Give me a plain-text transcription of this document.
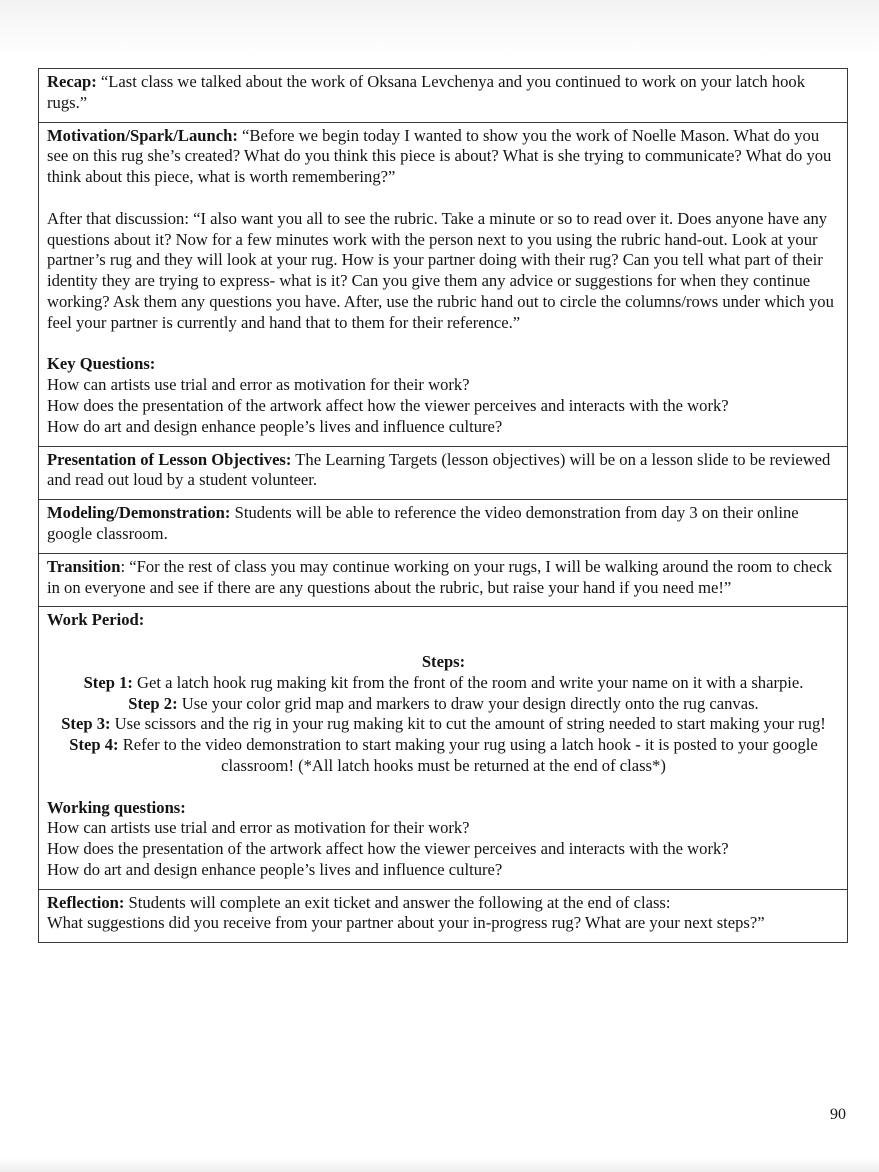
Recap: “Last class we talked about the work of Oksana Levchenya and you continued to work on your latch hook rugs.”

Motivation/Spark/Launch: “Before we begin today I wanted to show you the work of Noelle Mason. What do you see on this rug she’s created? What do you think this piece is about? What is she trying to communicate? What do you think about this piece, what is worth remembering?”

After that discussion: “I also want you all to see the rubric. Take a minute or so to read over it. Does anyone have any questions about it? Now for a few minutes work with the person next to you using the rubric hand-out. Look at your partner’s rug and they will look at your rug. How is your partner doing with their rug? Can you tell what part of their identity they are trying to express- what is it? Can you give them any advice or suggestions for when they continue working? Ask them any questions you have. After, use the rubric hand out to circle the columns/rows under which you feel your partner is currently and hand that to them for their reference.”

Key Questions:

How can artists use trial and error as motivation for their work?

How does the presentation of the artwork affect how the viewer perceives and interacts with the work?

How do art and design enhance people’s lives and influence culture?

Presentation of Lesson Objectives: The Learning Targets (lesson objectives) will be on a lesson slide to be reviewed and read out loud by a student volunteer.

Modeling/Demonstration: Students will be able to reference the video demonstration from day 3 on their online google classroom.

Transition: “For the rest of class you may continue working on your rugs, I will be walking around the room to check in on everyone and see if there are any questions about the rubric, but raise your hand if you need me!”

Work Period:

Steps:

Step 1: Get a latch hook rug making kit from the front of the room and write your name on it with a sharpie.

Step 2: Use your color grid map and markers to draw your design directly onto the rug canvas.

Step 3: Use scissors and the rig in your rug making kit to cut the amount of string needed to start making your rug!

Step 4: Refer to the video demonstration to start making your rug using a latch hook - it is posted to your google classroom! (*All latch hooks must be returned at the end of class*)

Working questions:

How can artists use trial and error as motivation for their work?

How does the presentation of the artwork affect how the viewer perceives and interacts with the work?

How do art and design enhance people’s lives and influence culture?

Reflection: Students will complete an exit ticket and answer the following at the end of class:

What suggestions did you receive from your partner about your in-progress rug? What are your next steps?”

90
